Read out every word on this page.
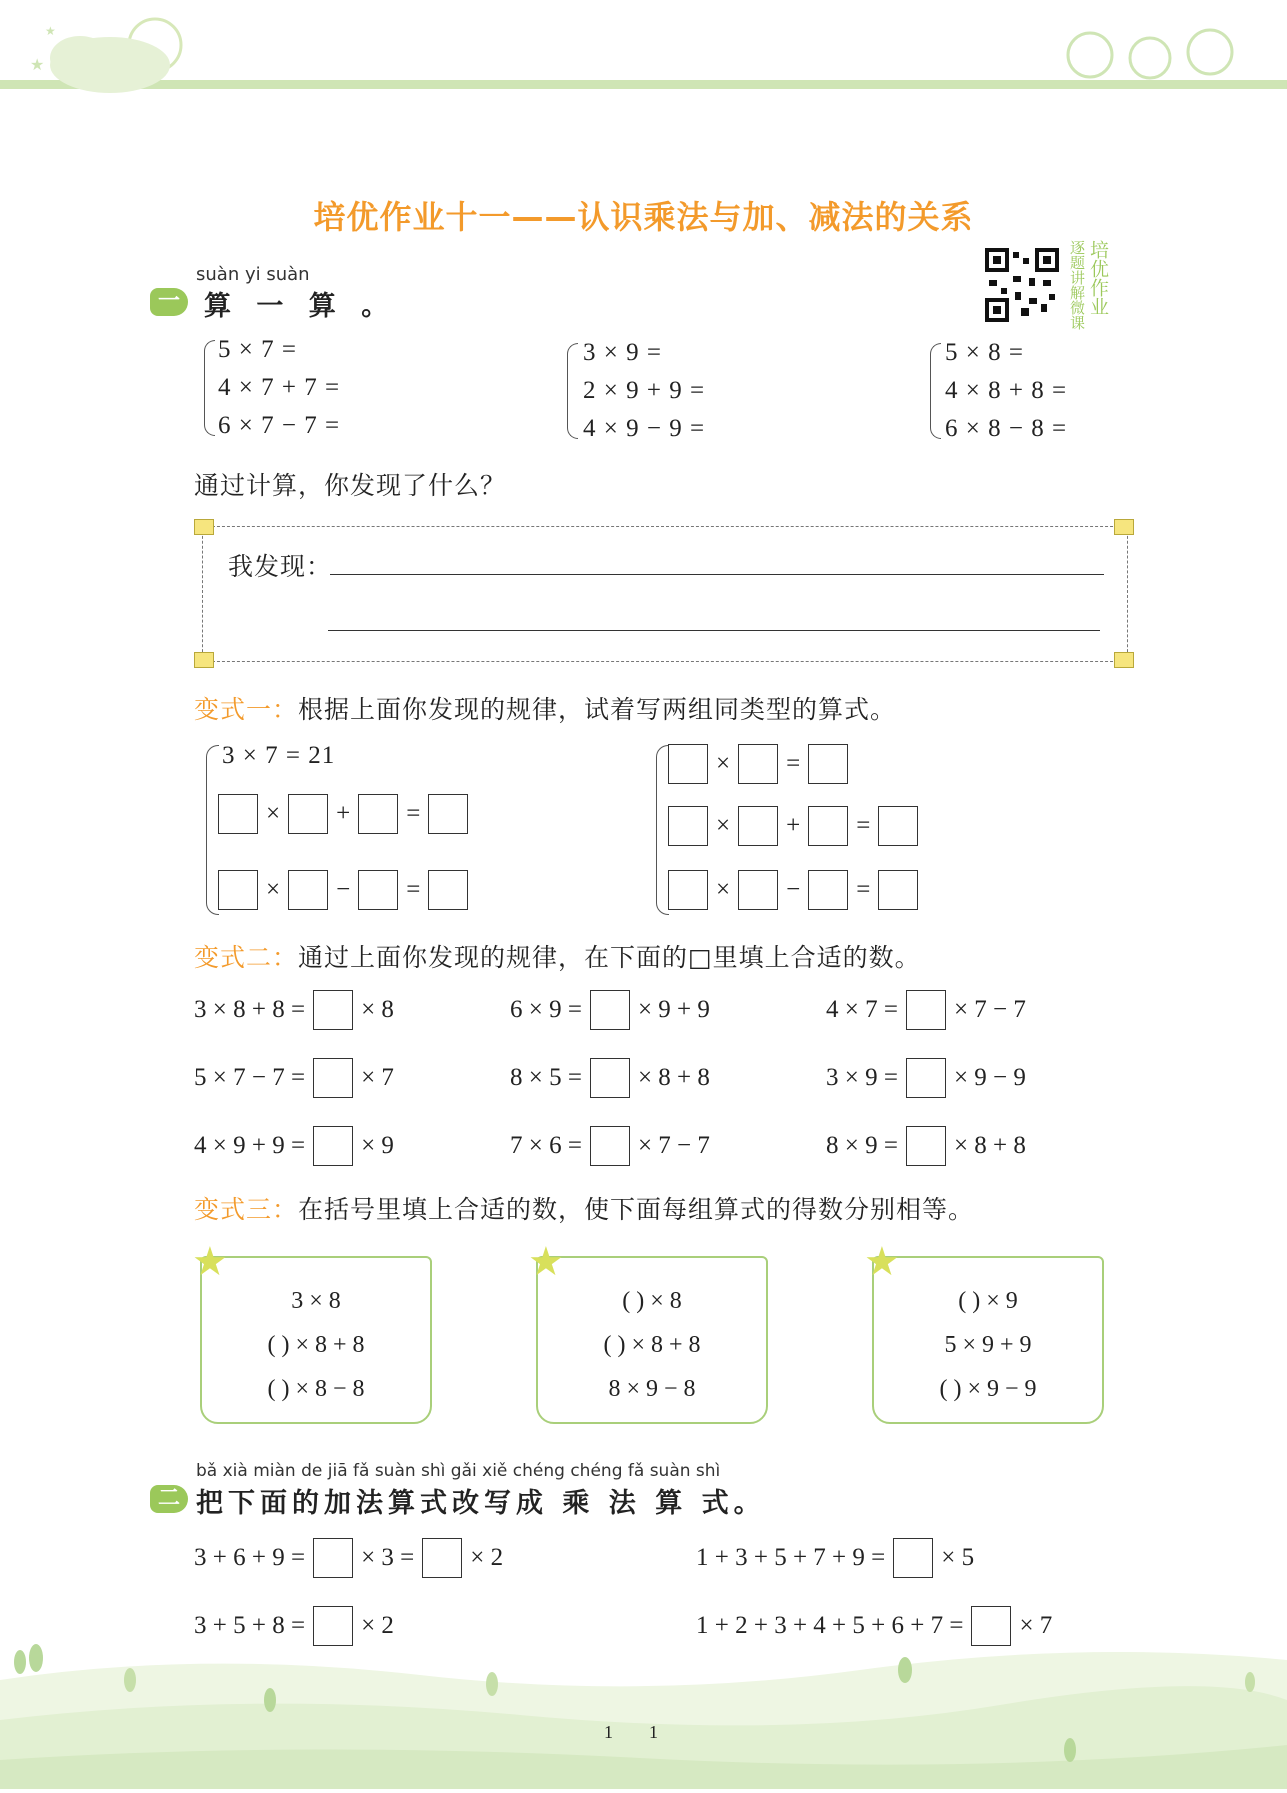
★
★
培优作业十一——认识乘法与加、减法的关系
逐题讲解微课 培优作业
suàn yi suàn
一 算 一 算 。
5 × 7 =
4 × 7 + 7 =
6 × 7 − 7 =
3 × 9 =
2 × 9 + 9 =
4 × 9 − 9 =
5 × 8 =
4 × 8 + 8 =
6 × 8 − 8 =
通过计算，你发现了什么？
我发现：
变式一：根据上面你发现的规律，试着写两组同类型的算式。
3 × 7 = 21
× + =
× − =
× =
× + =
× − =
变式二：通过上面你发现的规律，在下面的□里填上合适的数。
3 × 8 + 8 = × 8	6 × 9 = × 9 + 9	4 × 7 = × 7 − 7
5 × 7 − 7 = × 7	8 × 5 = × 8 + 8	3 × 9 = × 9 − 9
4 × 9 + 9 = × 9	7 × 6 = × 7 − 7	8 × 9 = × 8 + 8
变式三：在括号里填上合适的数，使下面每组算式的得数分别相等。
★
3 × 8
( ) × 8 + 8
( ) × 8 − 8
★
( ) × 8
( ) × 8 + 8
8 × 9 − 8
★
( ) × 9
5 × 9 + 9
( ) × 9 − 9
bǎ xià miàn de jiā fǎ suàn shì gǎi xiě chéng chéng fǎ suàn shì
二 把下面的加法算式改写成 乘 法 算 式。
3 + 6 + 9 = × 3 = × 2	1 + 3 + 5 + 7 + 9 = × 5
3 + 5 + 8 = × 2	1 + 2 + 3 + 4 + 5 + 6 + 7 = × 7
1        1
